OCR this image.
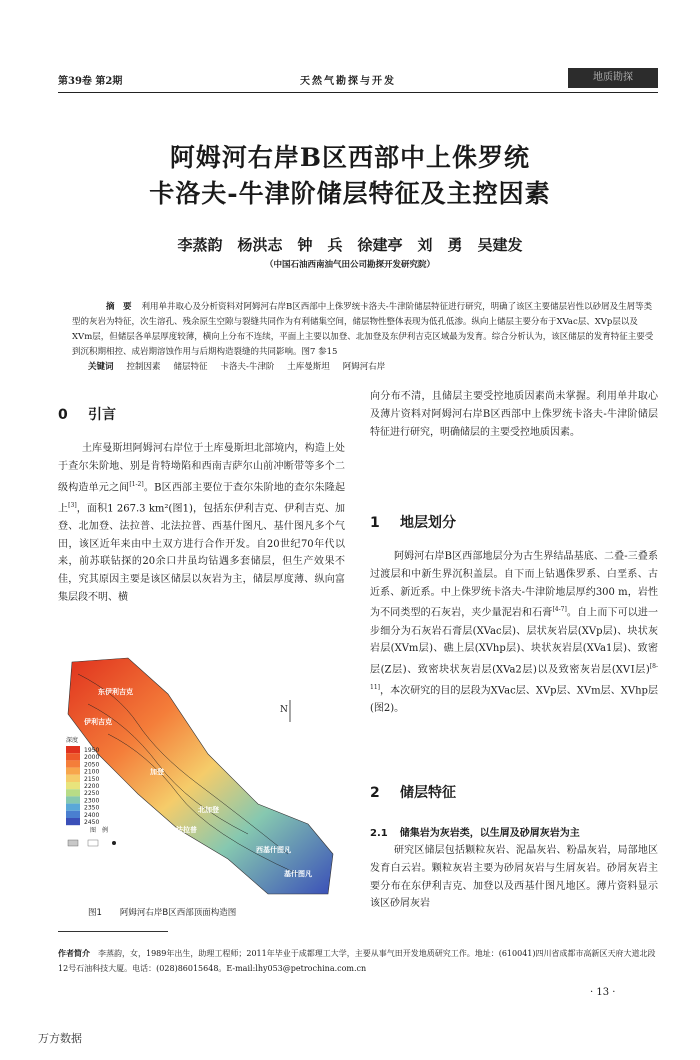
第39卷 第2期	天然气勘探与开发	地质勘探
阿姆河右岸B区西部中上侏罗统
卡洛夫-牛津阶储层特征及主控因素
李蒸韵　杨洪志　钟　兵　徐建亭　刘　勇　吴建发
（中国石油西南油气田公司勘探开发研究院）
摘　要 利用单井取心及分析资料对阿姆河右岸B区西部中上侏罗统卡洛夫-牛津阶储层特征进行研究，明确了该区主要储层岩性以砂屑及生屑等类型的灰岩为特征，次生溶孔、残余原生空隙与裂缝共同作为有利储集空间，储层物性整体表现为低孔低渗。纵向上储层主要分布于XVac层、XVp层以及XVm层，但储层各单层厚度较薄，横向上分布不连续，平面上主要以加登、北加登及东伊利吉克区域最为发育。综合分析认为，该区储层的发育特征主要受到沉积期相控、成岩期溶蚀作用与后期构造裂缝的共同影响。图7 参15
关键词 控制因素 储层特征 卡洛夫-牛津阶 土库曼斯坦 阿姆河右岸
0 引言
土库曼斯坦阿姆河右岸位于土库曼斯坦北部境内，构造上处于查尔朱阶地、别是肯特坳陷和西南吉萨尔山前冲断带等多个二级构造单元之间[1-2]。B区西部主要位于查尔朱阶地的查尔朱隆起上[3]，面积1 267.3 km²(图1)，包括东伊利吉克、伊利吉克、加登、北加登、法拉普、北法拉普、西基什图凡、基什图凡多个气田，该区近年来由中土双方进行合作开发。自20世纪70年代以来，前苏联钻探的20余口井虽均钻遇多套储层，但生产效果不佳，究其原因主要是该区储层以灰岩为主，储层厚度薄、纵向富集层段不明、横
东伊利吉克
伊利吉克
加登
北加登
北法拉普
法拉普
西基什图凡
基什图凡
N
深度
1950
2000
2050
2100
2150
2200
2250
2300
2350
2400
2450
图　例
图1 阿姆河右岸B区西部顶面构造图
向分布不清，且储层主要受控地质因素尚未掌握。利用单井取心及薄片资料对阿姆河右岸B区西部中上侏罗统卡洛夫-牛津阶储层特征进行研究，明确储层的主要受控地质因素。
1 地层划分
阿姆河右岸B区西部地层分为古生界结晶基底、二叠-三叠系过渡层和中新生界沉积盖层。自下而上钻遇侏罗系、白垩系、古近系、新近系。中上侏罗统卡洛夫-牛津阶地层厚约300 m，岩性为不同类型的石灰岩，夹少量泥岩和石膏[4-7]。自上而下可以进一步细分为石灰岩石膏层(XVac层)、层状灰岩层(XVp层)、块状灰岩层(XVm层)、礁上层(XVhp层)、块状灰岩层(XVa1层)、致密层(Z层)、致密块状灰岩层(XVa2层)以及致密灰岩层(XVⅠ层)[8-11]，本次研究的目的层段为XVac层、XVp层、XVm层、XVhp层(图2)。
2 储层特征
2.1 储集岩为灰岩类，以生屑及砂屑灰岩为主
研究区储层包括颗粒灰岩、泥晶灰岩、粉晶灰岩，局部地区发育白云岩。颗粒灰岩主要为砂屑灰岩与生屑灰岩。砂屑灰岩主要分布在东伊利吉克、加登以及西基什图凡地区。薄片资料显示该区砂屑灰岩
作者简介 李蒸韵，女，1989年出生，助理工程师；2011年毕业于成都理工大学，主要从事气田开发地质研究工作。地址：(610041)四川省成都市高新区天府大道北段12号石油科技大厦。电话：(028)86015648。E-mail:lhy053@petrochina.com.cn
· 13 ·
万方数据
